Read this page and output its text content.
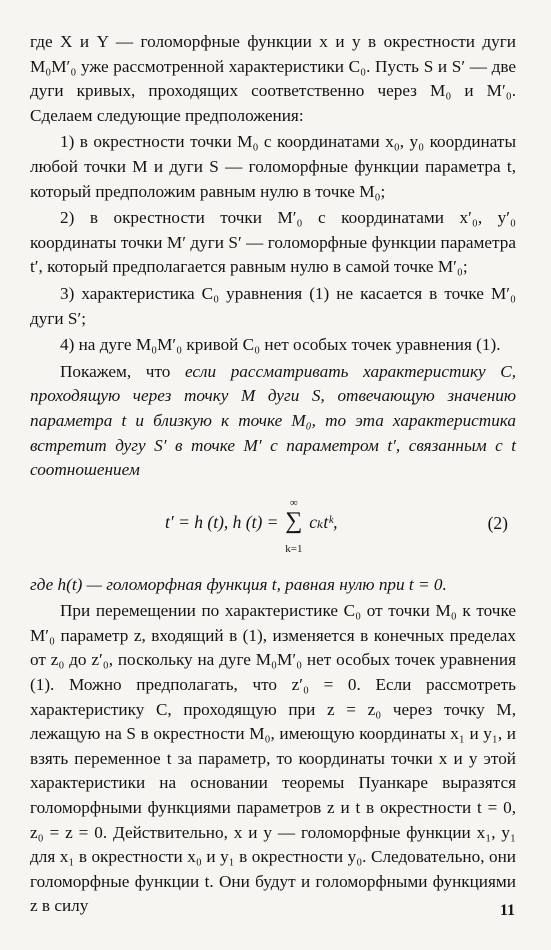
где X и Y — голоморфные функции x и y в окрестности дуги M₀M′₀ уже рассмотренной характеристики C₀. Пусть S и S′ — две дуги кривых, проходящих соответственно через M₀ и M′₀. Сделаем следующие предположения:

1) в окрестности точки M₀ с координатами x₀, y₀ координаты любой точки M и дуги S — голоморфные функции параметра t, который предположим равным нулю в точке M₀;

2) в окрестности точки M′₀ с координатами x′₀, y′₀ координаты точки M′ дуги S′ — голоморфные функции параметра t′, который предполагается равным нулю в самой точке M′₀;

3) характеристика C₀ уравнения (1) не касается в точке M′₀ дуги S′;

4) на дуге M₀M′₀ кривой C₀ нет особых точек уравнения (1).

Покажем, что если рассматривать характеристику C, проходящую через точку M дуги S, отвечающую значению параметра t и близкую к точке M₀, то эта характеристика встретит дугу S′ в точке M′ с параметром t′, связанным с t соотношением

t′ = h (t), h (t) =
∞
∑
k=1
cₖtᵏ,	(2)

где h(t) — голоморфная функция t, равная нулю при t = 0.

При перемещении по характеристике C₀ от точки M₀ к точке M′₀ параметр z, входящий в (1), изменяется в конечных пределах от z₀ до z′₀, поскольку на дуге M₀M′₀ нет особых точек уравнения (1). Можно предполагать, что z′₀ = 0. Если рассмотреть характеристику C, проходящую при z = z₀ через точку M, лежащую на S в окрестности M₀, имеющую координаты x₁ и y₁, и взять переменное t за параметр, то координаты точки x и y этой характеристики на основании теоремы Пуанкаре выразятся голоморфными функциями параметров z и t в окрестности t = 0, z₀ = z = 0. Действительно, x и y — голоморфные функции x₁, y₁ для x₁ в окрестности x₀ и y₁ в окрестности y₀. Следовательно, они голоморфные функции t. Они будут и голоморфными функциями z в силу	11
